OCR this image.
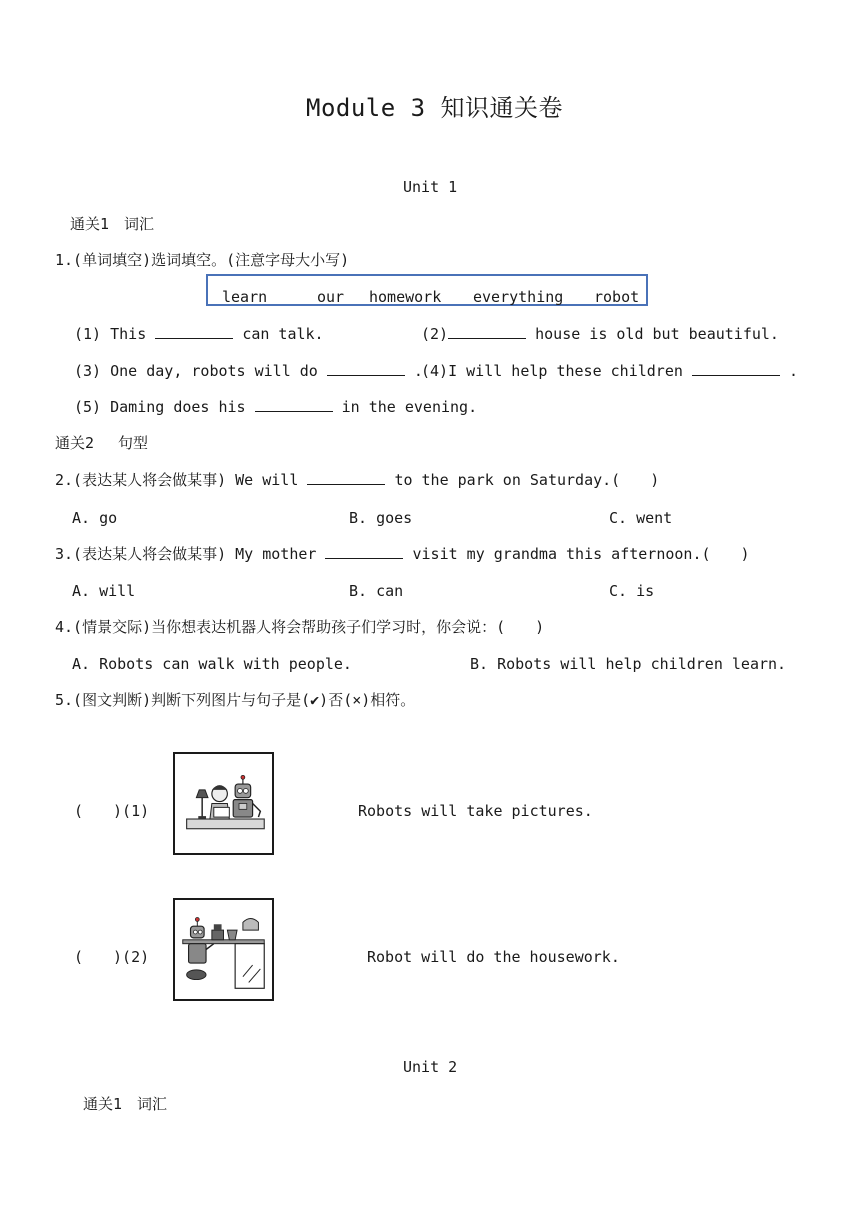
Module 3 知识通关卷
Unit 1
通关1　词汇
1.(单词填空)选词填空。(注意字母大小写)
learn	our homework everything robot
(1) This	can talk.	(2)	house is old but beautiful.
(3) One day, robots will do	.
(4)I will help these children	.
(5) Daming does his	in the evening.
通关2　 句型
2.(表达某人将会做某事) We will	to the park on Saturday.(　　)
A. go	B. goes	C. went
3.(表达某人将会做某事) My mother	visit my grandma this afternoon.(　　)
A. will	B. can	C. is
4.(情景交际)当你想表达机器人将会帮助孩子们学习时，你会说：(　　)
A. Robots can walk with people.	B. Robots will help children learn.
5.(图文判断)判断下列图片与句子是(✔)否(×)相符。
(　　)(1)	Robots will take pictures.
(　　)(2)	Robot will do the housework.
Unit 2
通关1　词汇
